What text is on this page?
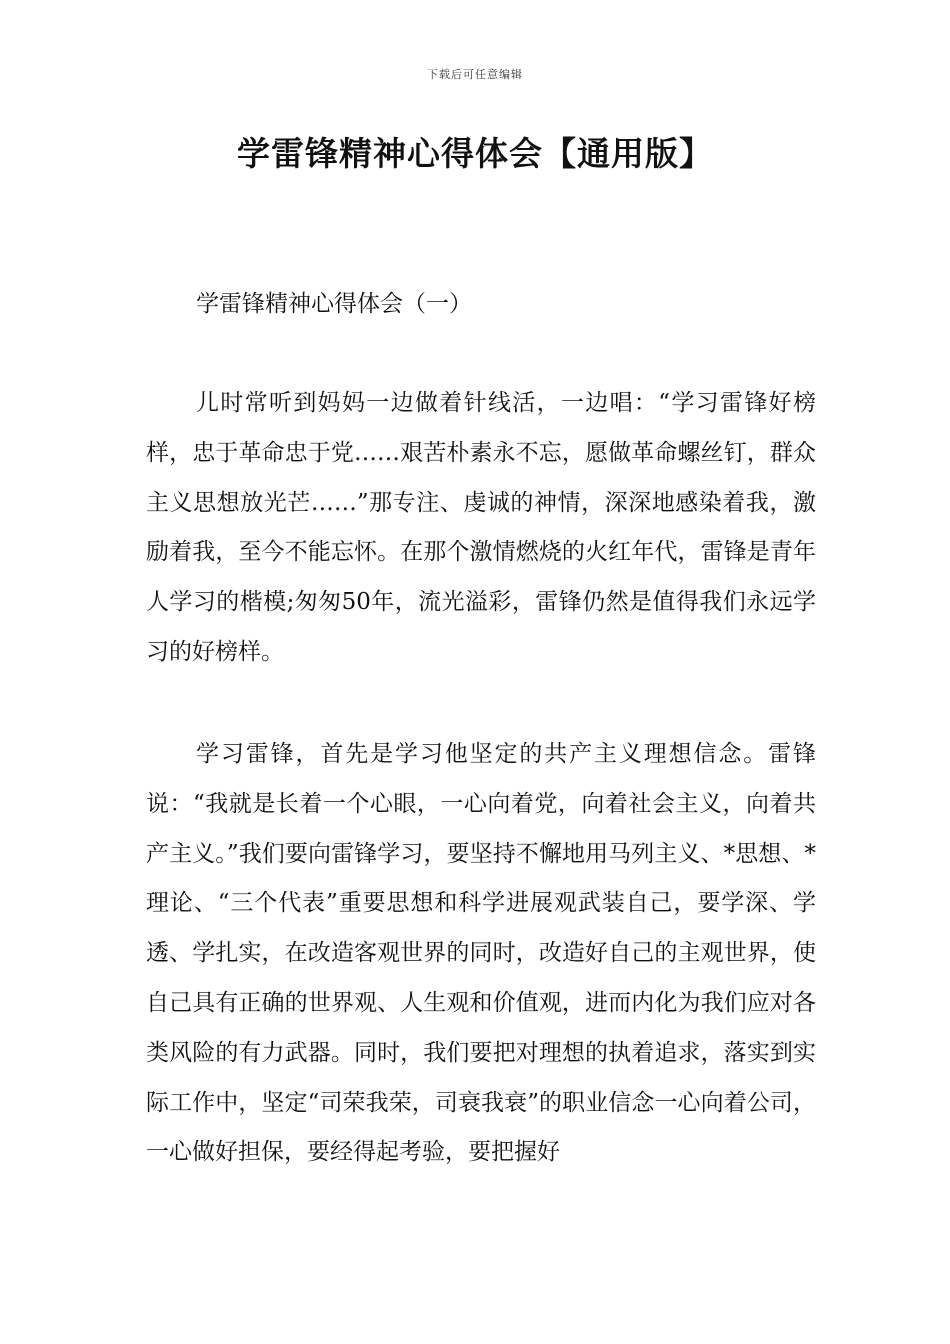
下载后可任意编辑
学雷锋精神心得体会【通用版】
学雷锋精神心得体会（一）

儿时常听到妈妈一边做着针线活，一边唱：“学习雷锋好榜样，忠于革命忠于党……艰苦朴素永不忘，愿做革命螺丝钉，群众主义思想放光芒……”那专注、虔诚的神情，深深地感染着我，激励着我，至今不能忘怀。在那个激情燃烧的火红年代，雷锋是青年人学习的楷模;匆匆50年，流光溢彩，雷锋仍然是值得我们永远学习的好榜样。

学习雷锋，首先是学习他坚定的共产主义理想信念。雷锋说：“我就是长着一个心眼，一心向着党，向着社会主义，向着共产主义。”我们要向雷锋学习，要坚持不懈地用马列主义、*思想、*理论、“三个代表”重要思想和科学进展观武装自己，要学深、学透、学扎实，在改造客观世界的同时，改造好自己的主观世界，使自己具有正确的世界观、人生观和价值观，进而内化为我们应对各类风险的有力武器。同时，我们要把对理想的执着追求，落实到实际工作中，坚定“司荣我荣，司衰我衰”的职业信念一心向着公司，一心做好担保，要经得起考验，要把握好
